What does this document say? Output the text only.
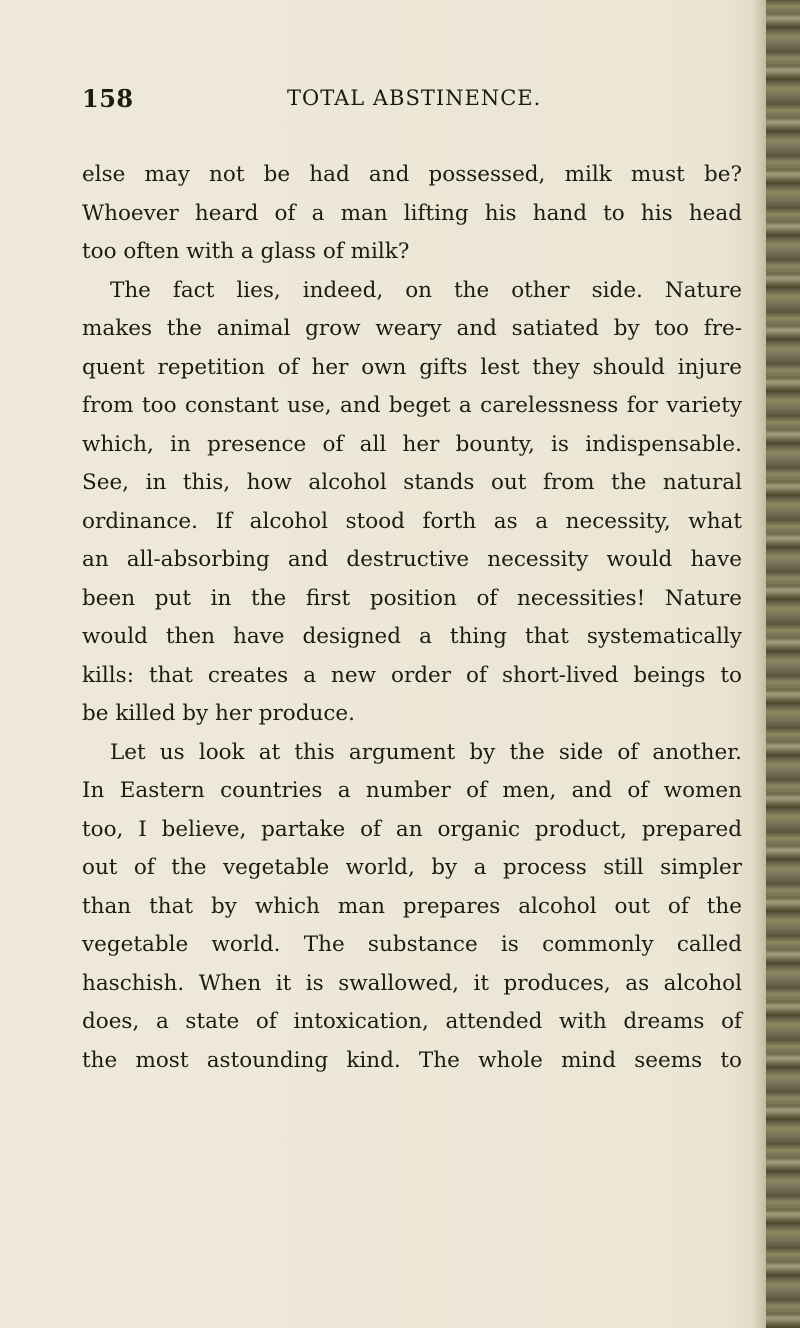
158	TOTAL ABSTINENCE.
else may not be had and possessed, milk must be?
Whoever heard of a man lifting his hand to his head
too often with a glass of milk?
The fact lies, indeed, on the other side. Nature
makes the animal grow weary and satiated by too fre-
quent repetition of her own gifts lest they should injure
from too constant use, and beget a carelessness for variety
which, in presence of all her bounty, is indispensable.
See, in this, how alcohol stands out from the natural
ordinance. If alcohol stood forth as a necessity, what
an all-absorbing and destructive necessity would have
been put in the first position of necessities! Nature
would then have designed a thing that systematically
kills: that creates a new order of short-lived beings to
be killed by her produce.
Let us look at this argument by the side of another.
In Eastern countries a number of men, and of women
too, I believe, partake of an organic product, prepared
out of the vegetable world, by a process still simpler
than that by which man prepares alcohol out of the
vegetable world. The substance is commonly called
haschish. When it is swallowed, it produces, as alcohol
does, a state of intoxication, attended with dreams of
the most astounding kind. The whole mind seems to
